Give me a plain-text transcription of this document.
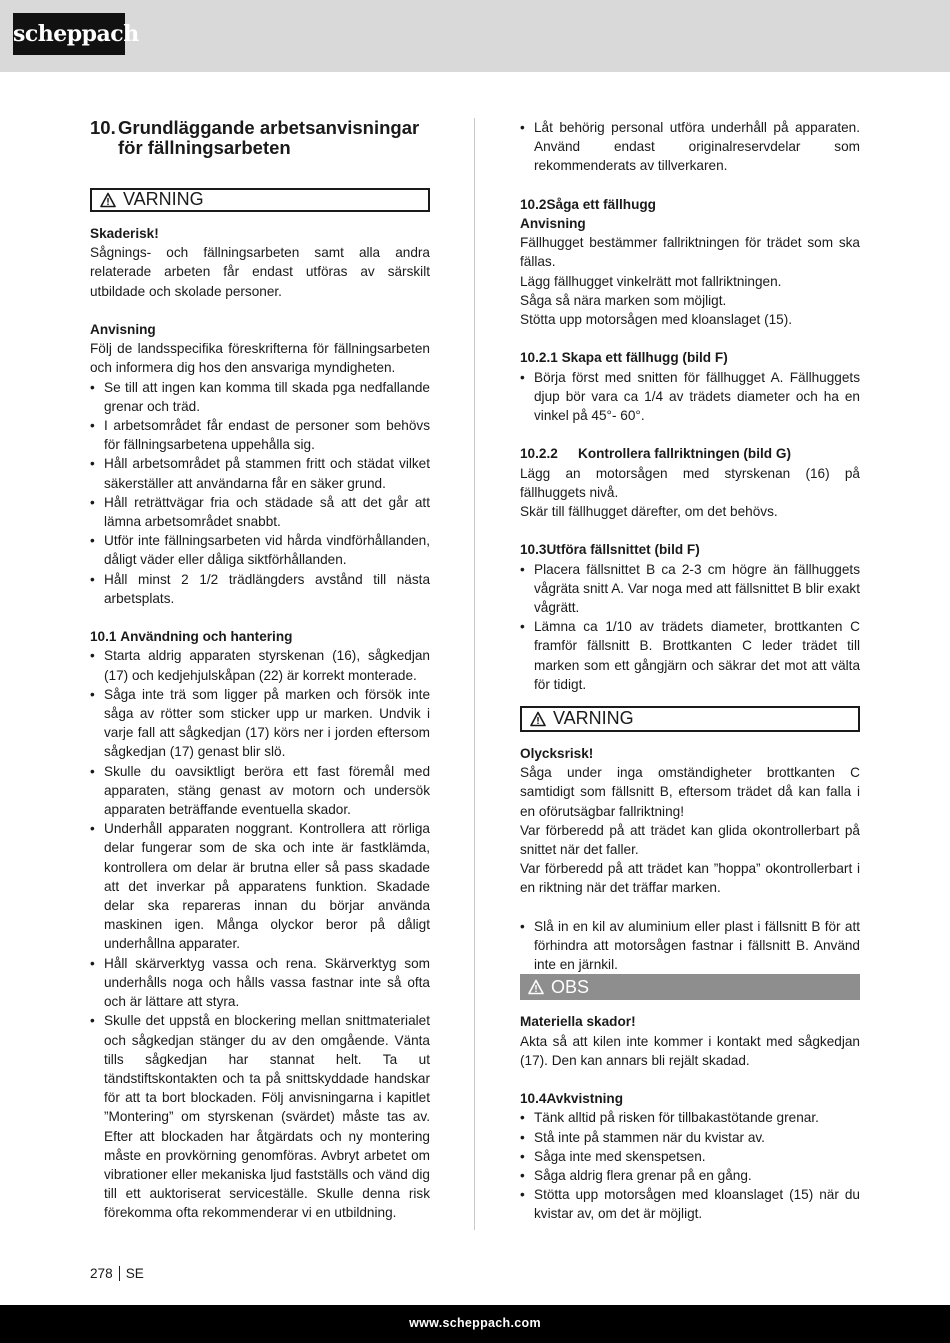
scheppach
10. Grundläggande arbetsanvisningar för fällningsarbeten
VARNING

Skaderisk!

Sågnings- och fällningsarbeten samt alla andra relaterade arbeten får endast utföras av särskilt utbildade och skolade personer.

Anvisning

Följ de landsspecifika föreskrifterna för fällningsarbeten och informera dig hos den ansvariga myndigheten.

• Se till att ingen kan komma till skada pga nedfallande grenar och träd.
• I arbetsområdet får endast de personer som behövs för fällningsarbetena uppehålla sig.
• Håll arbetsområdet på stammen fritt och städat vilket säkerställer att användarna får en säker grund.
• Håll reträttvägar fria och städade så att det går att lämna arbetsområdet snabbt.
• Utför inte fällningsarbeten vid hårda vindförhållanden, dåligt väder eller dåliga siktförhållanden.
• Håll minst 2 1/2 trädlängders avstånd till nästa arbetsplats.
10.1
Användning och hantering
• Starta aldrig apparaten styrskenan (16), sågkedjan (17) och kedjehjulskåpan (22) är korrekt monterade.
• Såga inte trä som ligger på marken och försök inte såga av rötter som sticker upp ur marken. Undvik i varje fall att sågkedjan (17) körs ner i jorden eftersom sågkedjan (17) genast blir slö.
• Skulle du oavsiktligt beröra ett fast föremål med apparaten, stäng genast av motorn och undersök apparaten beträffande eventuella skador.
• Underhåll apparaten noggrant. Kontrollera att rörliga delar fungerar som de ska och inte är fastklämda, kontrollera om delar är brutna eller så pass skadade att det inverkar på apparatens funktion. Skadade delar ska repareras innan du börjar använda maskinen igen. Många olyckor beror på dåligt underhållna apparater.
• Håll skärverktyg vassa och rena. Skärverktyg som underhålls noga och hålls vassa fastnar inte så ofta och är lättare att styra.
• Skulle det uppstå en blockering mellan snittmaterialet och sågkedjan stänger du av den omgående. Vänta tills sågkedjan har stannat helt. Ta ut tändstiftskontakten och ta på snittskyddade handskar för att ta bort blockaden. Följ anvisningarna i kapitlet ”Montering” om styrskenan (svärdet) måste tas av. Efter att blockaden har åtgärdats och ny montering måste en provkörning genomföras. Avbryt arbetet om vibrationer eller mekaniska ljud fastställs och vänd dig till ett auktoriserat serviceställe. Skulle denna risk förekomma ofta rekommenderar vi en utbildning.
• Låt behörig personal utföra underhåll på apparaten. Använd endast originalreservdelar som rekommenderats av tillverkaren.
10.2 Såga ett fällhugg

Anvisning

Fällhugget bestämmer fallriktningen för trädet som ska fällas.

Lägg fällhugget vinkelrätt mot fallriktningen.

Såga så nära marken som möjligt.

Stötta upp motorsågen med kloanslaget (15).

10.2.1
Skapa ett fällhugg (bild F)
• Börja först med snitten för fällhugget A. Fällhuggets djup bör vara ca 1/4 av trädets diameter och ha en vinkel på 45°- 60°.
10.2.2	Kontrollera fallriktningen (bild G)

Lägg an motorsågen med styrskenan (16) på fällhuggets nivå.

Skär till fällhugget därefter, om det behövs.

10.3 Utföra fällsnittet (bild F)
• Placera fällsnittet B ca 2-3 cm högre än fällhuggets vågräta snitt A. Var noga med att fällsnittet B blir exakt vågrätt.
• Lämna ca 1/10 av trädets diameter, brottkanten C framför fällsnitt B. Brottkanten C leder trädet till marken som ett gångjärn och säkrar det mot att välta för tidigt.
VARNING

Olycksrisk!

Såga under inga omständigheter brottkanten C samtidigt som fällsnitt B, eftersom trädet då kan falla i en oförutsägbar fallriktning!

Var förberedd på att trädet kan glida okontrollerbart på snittet när det faller.

Var förberedd på att trädet kan ”hoppa” okontrollerbart i en riktning när det träffar marken.

• Slå in en kil av aluminium eller plast i fällsnitt B för att förhindra att motorsågen fastnar i fällsnitt B. Använd inte en järnkil.
OBS

Materiella skador!

Akta så att kilen inte kommer i kontakt med sågkedjan (17). Den kan annars bli rejält skadad.

10.4 Avkvistning
• Tänk alltid på risken för tillbakastötande grenar.
• Stå inte på stammen när du kvistar av.
• Såga inte med skenspetsen.
• Såga aldrig flera grenar på en gång.
• Stötta upp motorsågen med kloanslaget (15) när du kvistar av, om det är möjligt.
278 SE
www.scheppach.com
